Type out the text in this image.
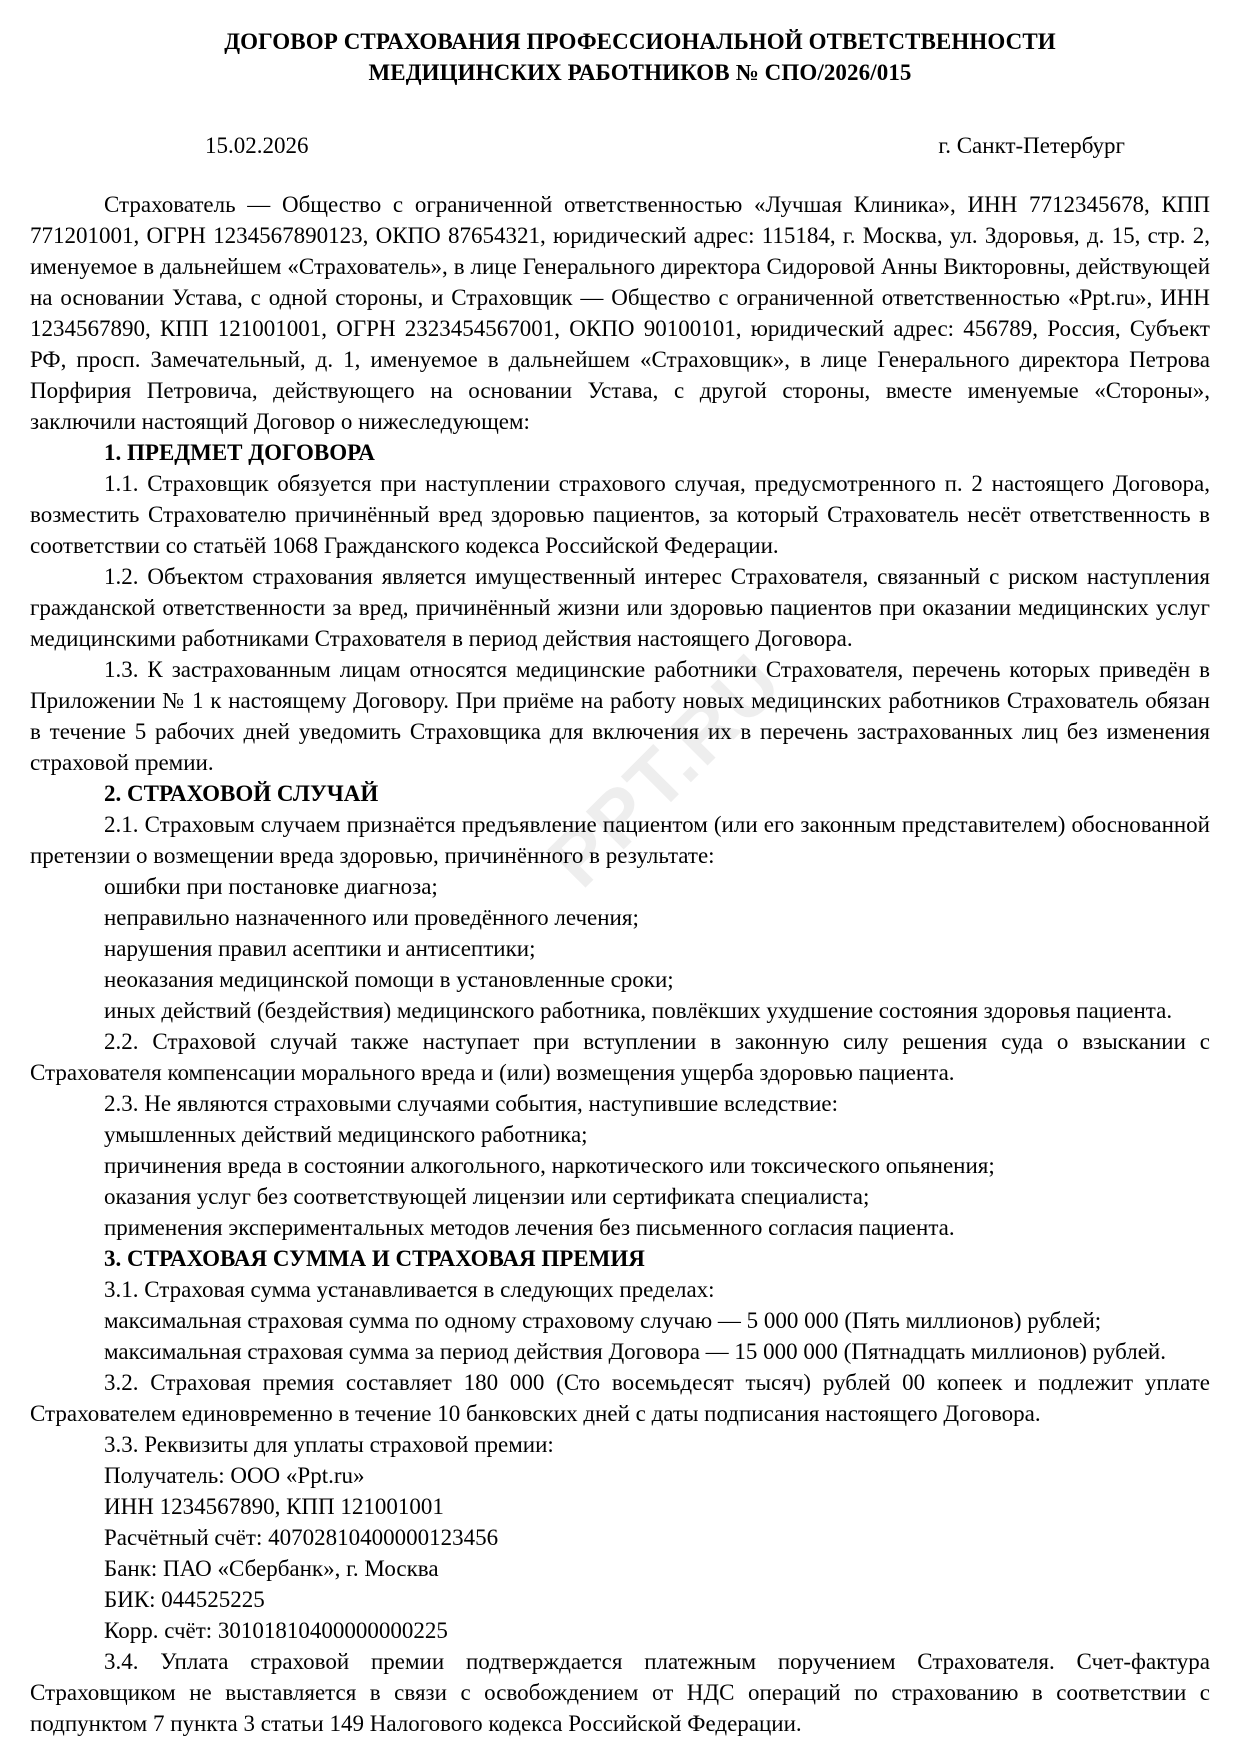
PPT.RU
ДОГОВОР СТРАХОВАНИЯ ПРОФЕССИОНАЛЬНОЙ ОТВЕТСТВЕННОСТИ МЕДИЦИНСКИХ РАБОТНИКОВ № СПО/2026/015
15.02.2026	г. Санкт-Петербург

Страхователь — Общество с ограниченной ответственностью «Лучшая Клиника», ИНН 7712345678, КПП 771201001, ОГРН 1234567890123, ОКПО 87654321, юридический адрес: 115184, г. Москва, ул. Здоровья, д. 15, стр. 2, именуемое в дальнейшем «Страхователь», в лице Генерального директора Сидоровой Анны Викторовны, действующей на основании Устава, с одной стороны, и Страховщик — Общество с ограниченной ответственностью «Ppt.ru», ИНН 1234567890, КПП 121001001, ОГРН 2323454567001, ОКПО 90100101, юридический адрес: 456789, Россия, Субъект РФ, просп. Замечательный, д. 1, именуемое в дальнейшем «Страховщик», в лице Генерального директора Петрова Порфирия Петровича, действующего на основании Устава, с другой стороны, вместе именуемые «Стороны», заключили настоящий Договор о нижеследующем:

1. ПРЕДМЕТ ДОГОВОРА

1.1. Страховщик обязуется при наступлении страхового случая, предусмотренного п. 2 настоящего Договора, возместить Страхователю причинённый вред здоровью пациентов, за который Страхователь несёт ответственность в соответствии со статьёй 1068 Гражданского кодекса Российской Федерации.

1.2. Объектом страхования является имущественный интерес Страхователя, связанный с риском наступления гражданской ответственности за вред, причинённый жизни или здоровью пациентов при оказании медицинских услуг медицинскими работниками Страхователя в период действия настоящего Договора.

1.3. К застрахованным лицам относятся медицинские работники Страхователя, перечень которых приведён в Приложении № 1 к настоящему Договору. При приёме на работу новых медицинских работников Страхователь обязан в течение 5 рабочих дней уведомить Страховщика для включения их в перечень застрахованных лиц без изменения страховой премии.

2. СТРАХОВОЙ СЛУЧАЙ

2.1. Страховым случаем признаётся предъявление пациентом (или его законным представителем) обоснованной претензии о возмещении вреда здоровью, причинённого в результате:

ошибки при постановке диагноза;

неправильно назначенного или проведённого лечения;

нарушения правил асептики и антисептики;

неоказания медицинской помощи в установленные сроки;

иных действий (бездействия) медицинского работника, повлёкших ухудшение состояния здоровья пациента.

2.2. Страховой случай также наступает при вступлении в законную силу решения суда о взыскании с Страхователя компенсации морального вреда и (или) возмещения ущерба здоровью пациента.

2.3. Не являются страховыми случаями события, наступившие вследствие:

умышленных действий медицинского работника;

причинения вреда в состоянии алкогольного, наркотического или токсического опьянения;

оказания услуг без соответствующей лицензии или сертификата специалиста;

применения экспериментальных методов лечения без письменного согласия пациента.

3. СТРАХОВАЯ СУММА И СТРАХОВАЯ ПРЕМИЯ

3.1. Страховая сумма устанавливается в следующих пределах:

максимальная страховая сумма по одному страховому случаю — 5 000 000 (Пять миллионов) рублей;

максимальная страховая сумма за период действия Договора — 15 000 000 (Пятнадцать миллионов) рублей.

3.2. Страховая премия составляет 180 000 (Сто восемьдесят тысяч) рублей 00 копеек и подлежит уплате Страхователем единовременно в течение 10 банковских дней с даты подписания настоящего Договора.

3.3. Реквизиты для уплаты страховой премии:

Получатель: ООО «Ppt.ru»

ИНН 1234567890, КПП 121001001

Расчётный счёт: 40702810400000123456

Банк: ПАО «Сбербанк», г. Москва

БИК: 044525225

Корр. счёт: 30101810400000000225

3.4. Уплата страховой премии подтверждается платежным поручением Страхователя. Счет-фактура Страховщиком не выставляется в связи с освобождением от НДС операций по страхованию в соответствии с подпунктом 7 пункта 3 статьи 149 Налогового кодекса Российской Федерации.
